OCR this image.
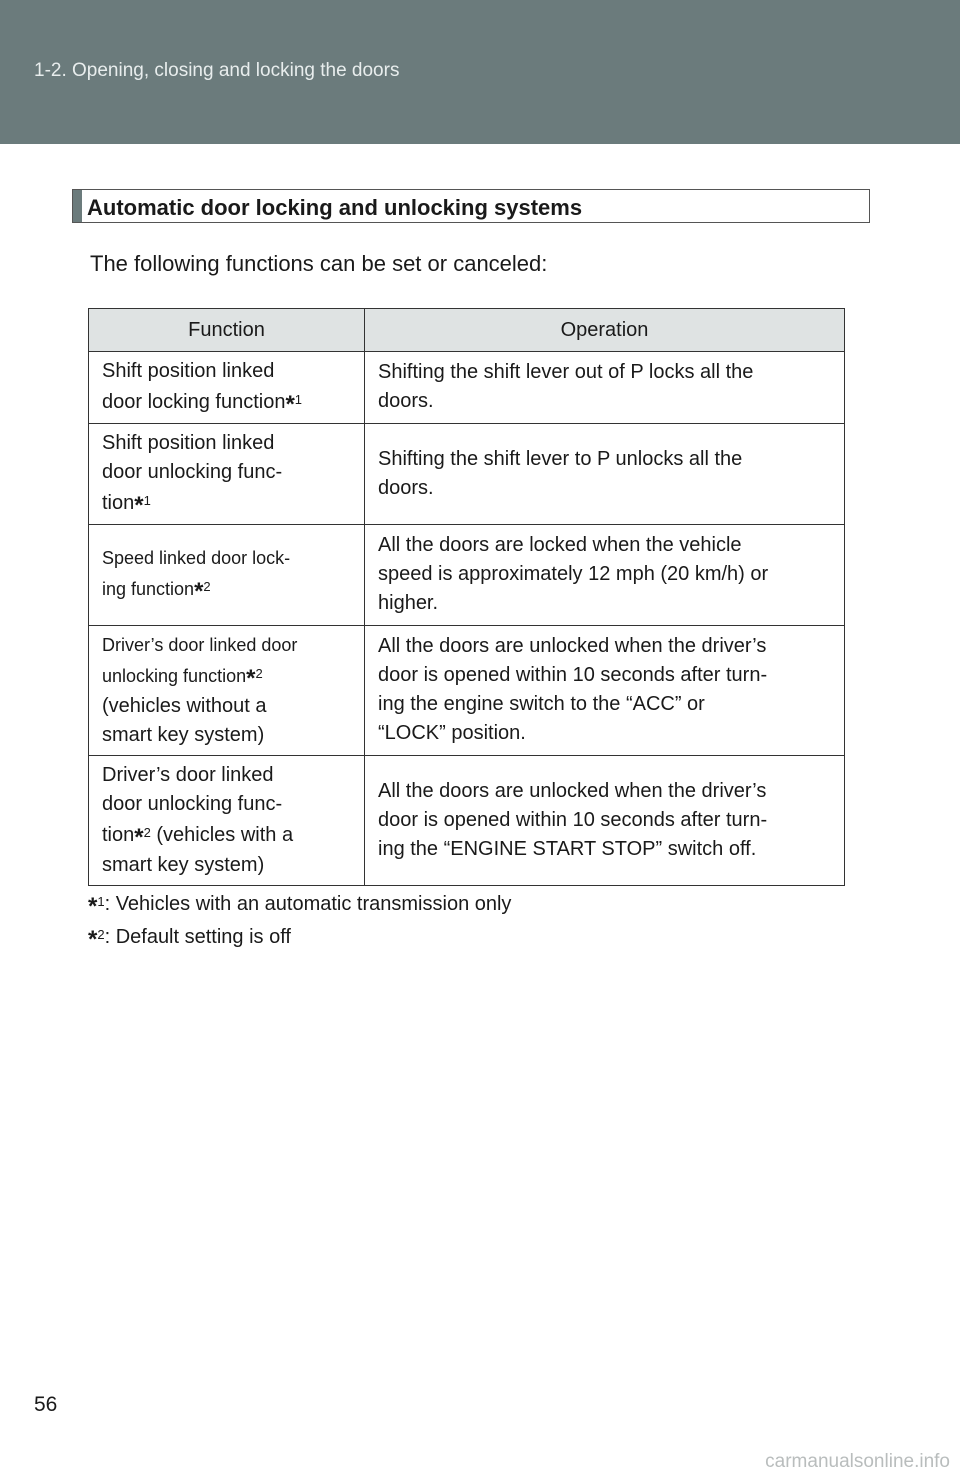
1-2. Opening, closing and locking the doors
Automatic door locking and unlocking systems
The following functions can be set or canceled:
Function	Operation
Shift position linked
door locking function*$^1$	Shifting the shift lever out of P locks all the
doors.
Shift position linked
door unlocking func-
tion*$^1$	Shifting the shift lever to P unlocks all the
doors.
Speed linked door lock-
ing function*$^2$	All the doors are locked when the vehicle
speed is approximately 12 mph (20 km/h) or
higher.
Driver’s door linked door
unlocking function*$^2$
(vehicles without a
smart key system)	All the doors are unlocked when the driver’s
door is opened within 10 seconds after turn-
ing the engine switch to the “ACC” or
“LOCK” position.
Driver’s door linked
door unlocking func-
tion*$^2$ (vehicles with a
smart key system)	All the doors are unlocked when the driver’s
door is opened within 10 seconds after turn-
ing the “ENGINE START STOP” switch off.
*$^1$: Vehicles with an automatic transmission only
*$^2$: Default setting is off
56
carmanualsonline.info
